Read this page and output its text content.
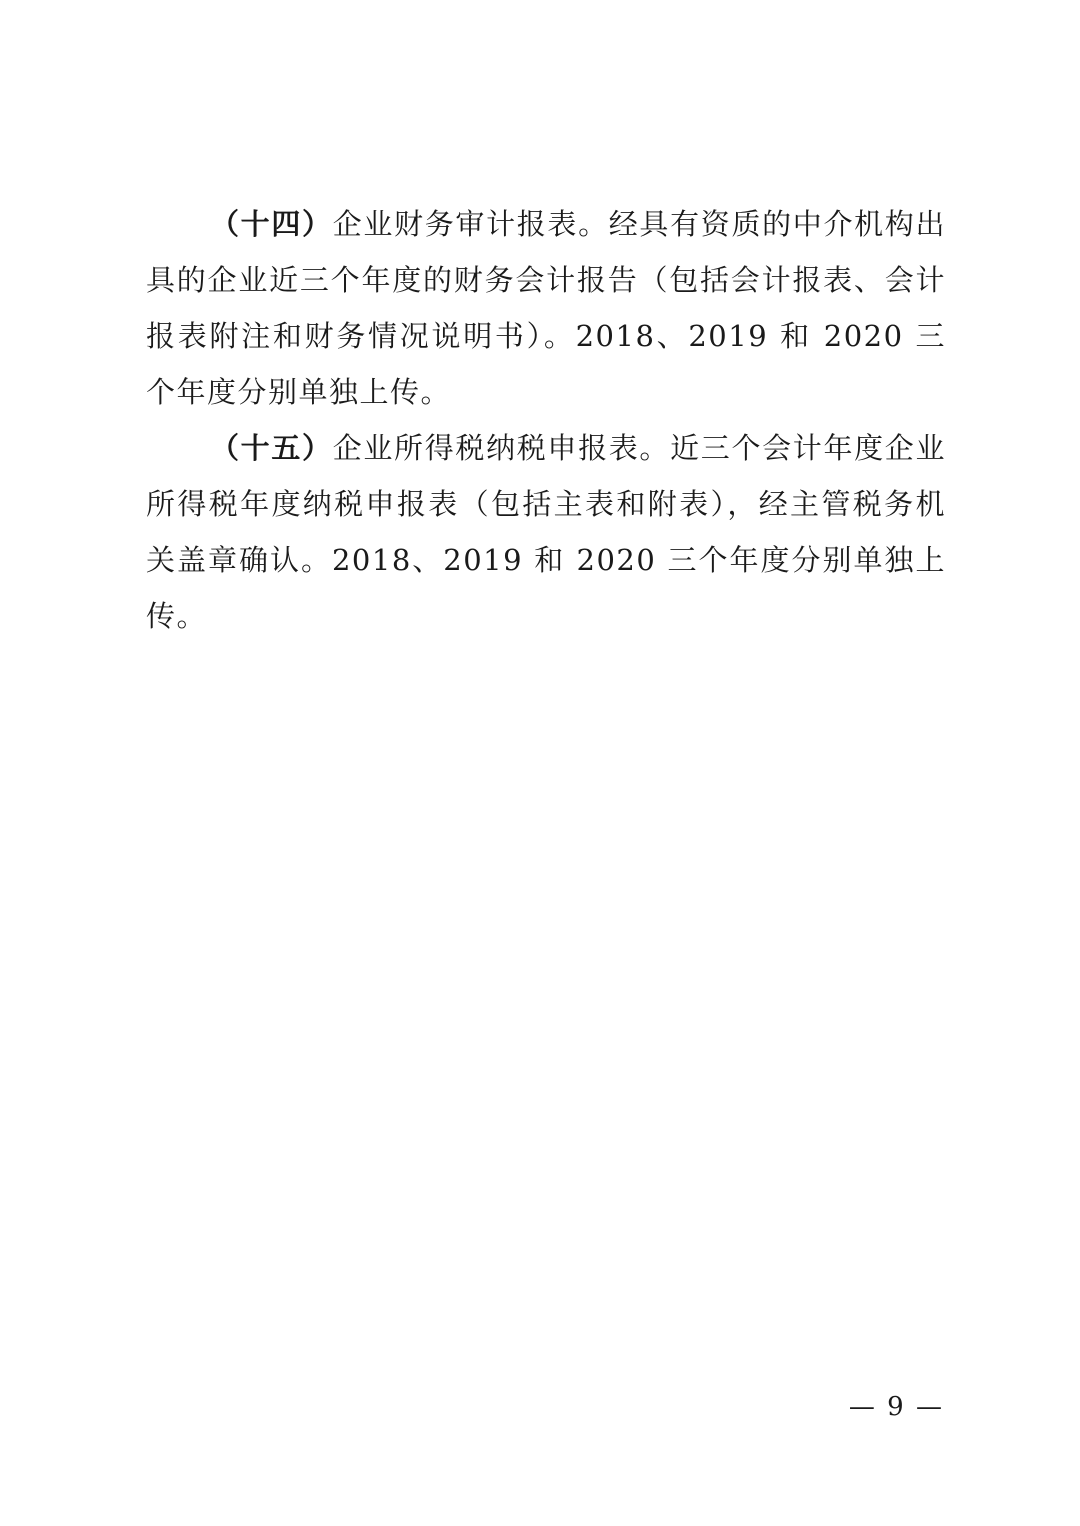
（十四）企业财务审计报表。经具有资质的中介机构出具的企业近三个年度的财务会计报告（包括会计报表、会计报表附注和财务情况说明书）。2018、2019 和 2020 三个年度分别单独上传。

（十五）企业所得税纳税申报表。近三个会计年度企业所得税年度纳税申报表（包括主表和附表），经主管税务机关盖章确认。2018、2019 和 2020 三个年度分别单独上传。

— 9 —
